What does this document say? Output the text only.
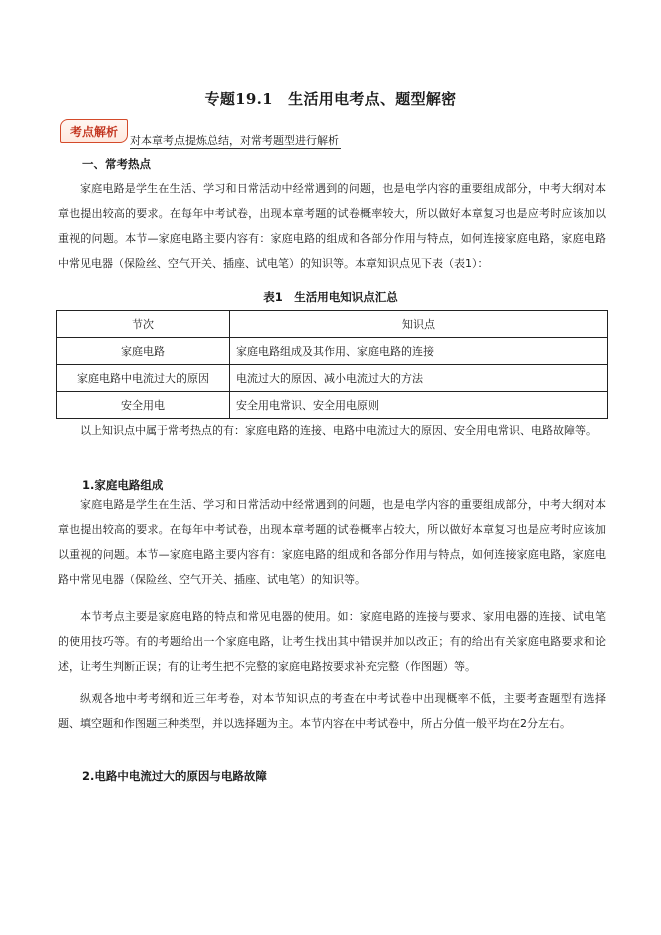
专题19.1　生活用电考点、题型解密
考点解析
对本章考点提炼总结，对常考题型进行解析
一、常考热点
家庭电路是学生在生活、学习和日常活动中经常遇到的问题，也是电学内容的重要组成部分，中考大纲对本章也提出较高的要求。在每年中考试卷，出现本章考题的试卷概率较大，所以做好本章复习也是应考时应该加以重视的问题。本节—家庭电路主要内容有：家庭电路的组成和各部分作用与特点，如何连接家庭电路，家庭电路中常见电器（保险丝、空气开关、插座、试电笔）的知识等。本章知识点见下表（表1）：
表1　生活用电知识点汇总
节次	知识点
家庭电路	家庭电路组成及其作用、家庭电路的连接
家庭电路中电流过大的原因	电流过大的原因、减小电流过大的方法
安全用电	安全用电常识、安全用电原则
以上知识点中属于常考热点的有：家庭电路的连接、电路中电流过大的原因、安全用电常识、电路故障等。
1.家庭电路组成
家庭电路是学生在生活、学习和日常活动中经常遇到的问题，也是电学内容的重要组成部分，中考大纲对本章也提出较高的要求。在每年中考试卷，出现本章考题的试卷概率占较大，所以做好本章复习也是应考时应该加以重视的问题。本节—家庭电路主要内容有：家庭电路的组成和各部分作用与特点，如何连接家庭电路，家庭电路中常见电器（保险丝、空气开关、插座、试电笔）的知识等。
本节考点主要是家庭电路的特点和常见电器的使用。如：家庭电路的连接与要求、家用电器的连接、试电笔的使用技巧等。有的考题给出一个家庭电路，让考生找出其中错误并加以改正；有的给出有关家庭电路要求和论述，让考生判断正误；有的让考生把不完整的家庭电路按要求补充完整（作图题）等。
纵观各地中考考纲和近三年考卷，对本节知识点的考查在中考试卷中出现概率不低，主要考查题型有选择题、填空题和作图题三种类型，并以选择题为主。本节内容在中考试卷中，所占分值一般平均在2分左右。
2.电路中电流过大的原因与电路故障
